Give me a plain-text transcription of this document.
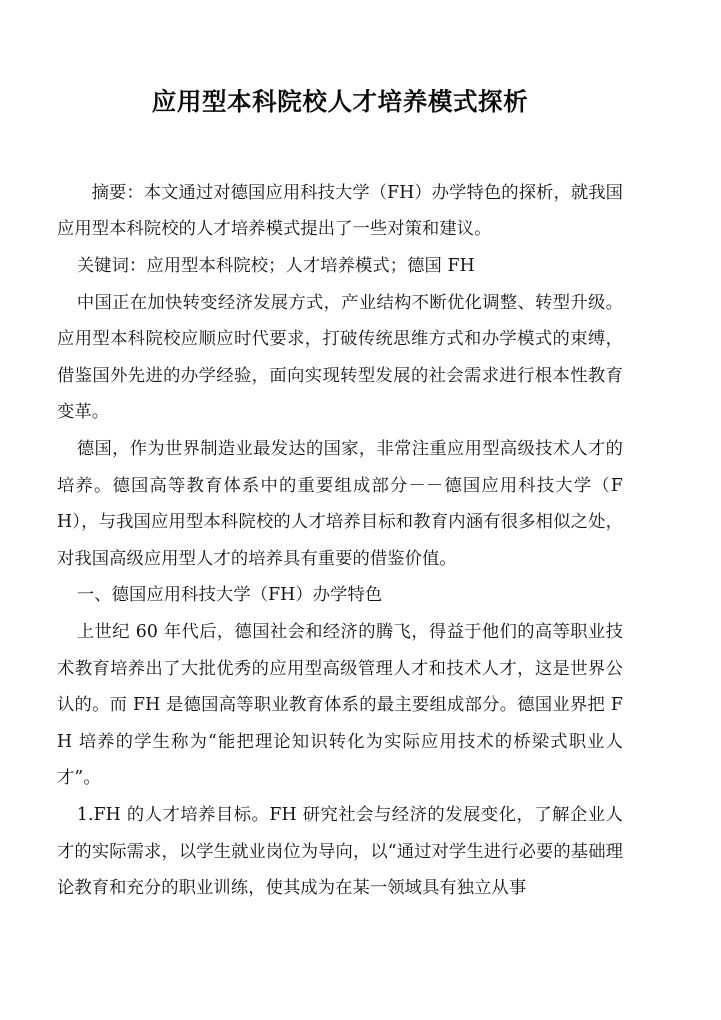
应用型本科院校人才培养模式探析

摘要：本文通过对德国应用科技大学（FH）办学特色的探析，就我国应用型本科院校的人才培养模式提出了一些对策和建议。

关键词：应用型本科院校；人才培养模式；德国 FH

中国正在加快转变经济发展方式，产业结构不断优化调整、转型升级。应用型本科院校应顺应时代要求，打破传统思维方式和办学模式的束缚，借鉴国外先进的办学经验，面向实现转型发展的社会需求进行根本性教育变革。

德国，作为世界制造业最发达的国家，非常注重应用型高级技术人才的培养。德国高等教育体系中的重要组成部分－－德国应用科技大学（FH），与我国应用型本科院校的人才培养目标和教育内涵有很多相似之处，对我国高级应用型人才的培养具有重要的借鉴价值。

一、德国应用科技大学（FH）办学特色

上世纪 60 年代后，德国社会和经济的腾飞，得益于他们的高等职业技术教育培养出了大批优秀的应用型高级管理人才和技术人才，这是世界公认的。而 FH 是德国高等职业教育体系的最主要组成部分。德国业界把 FH 培养的学生称为“能把理论知识转化为实际应用技术的桥梁式职业人才”。

1.FH 的人才培养目标。FH 研究社会与经济的发展变化，了解企业人才的实际需求，以学生就业岗位为导向，以“通过对学生进行必要的基础理论教育和充分的职业训练，使其成为在某一领域具有独立从事
